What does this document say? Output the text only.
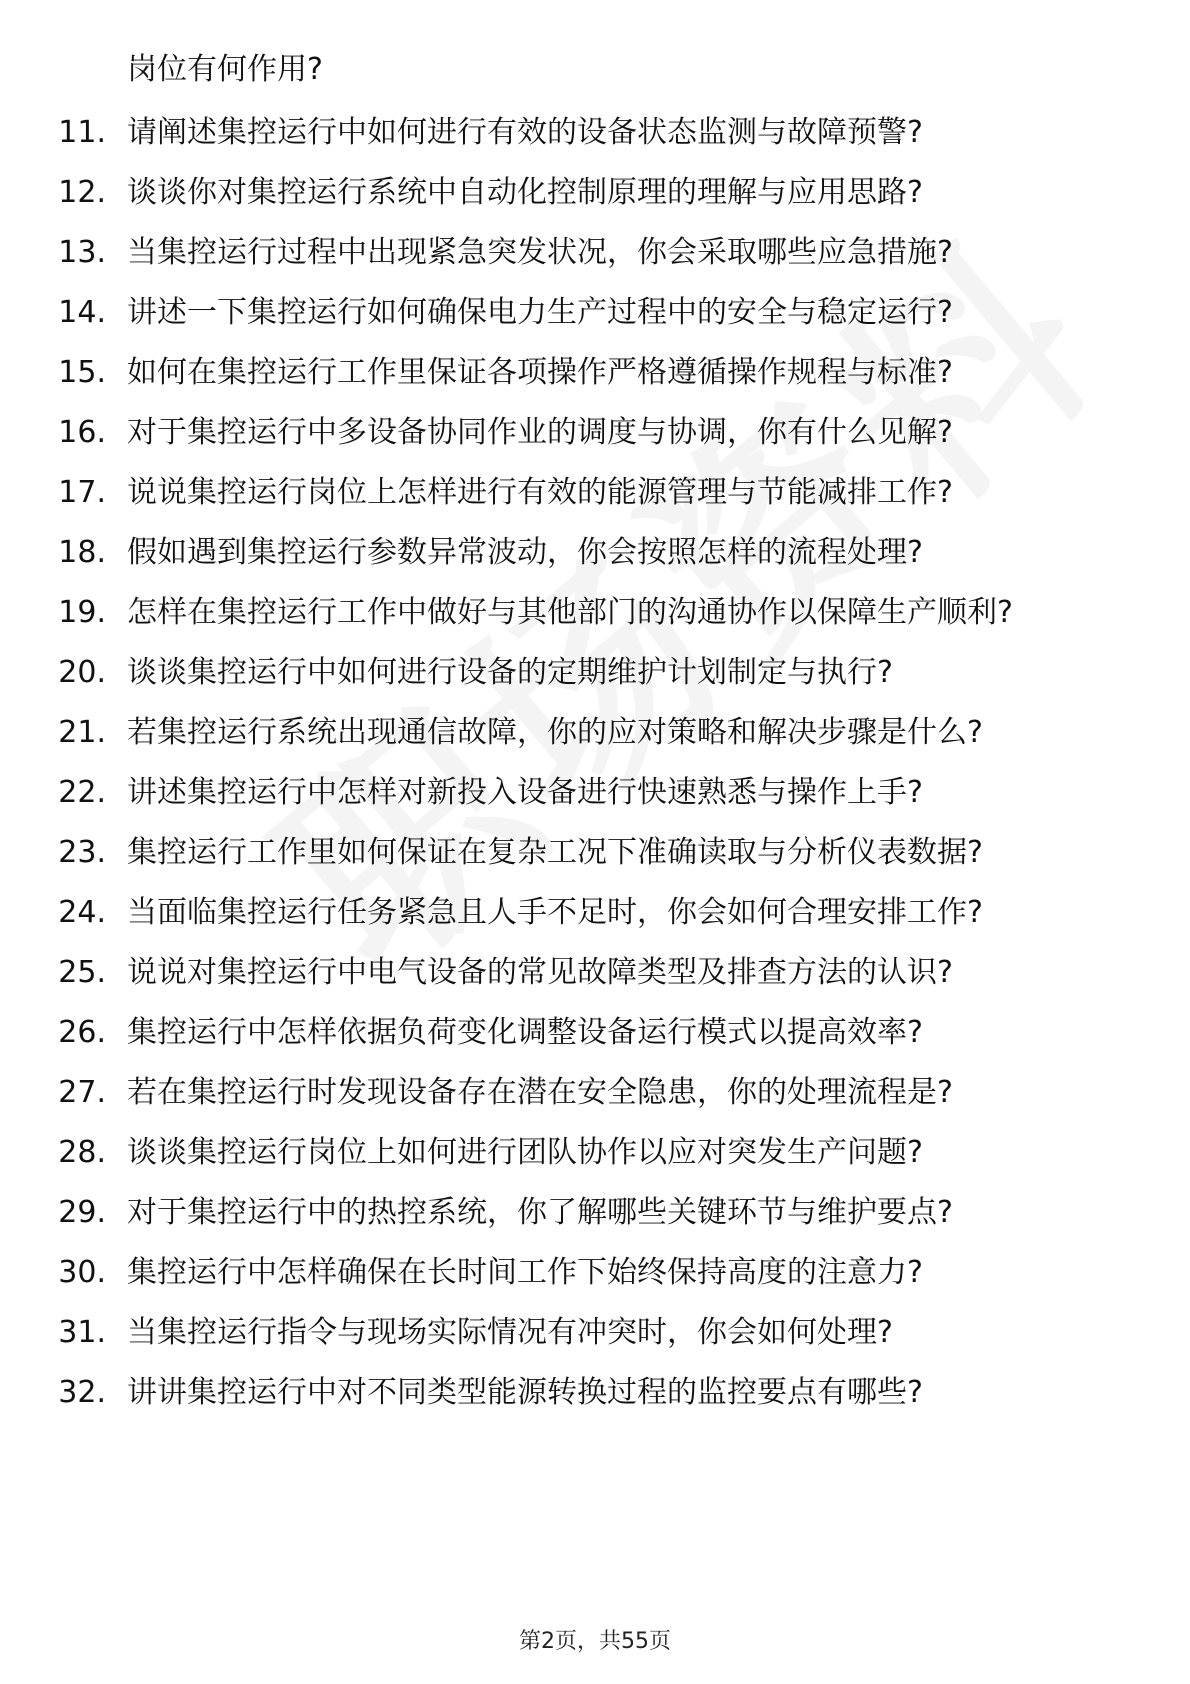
岗位有何作用?
11. 请阐述集控运行中如何进行有效的设备状态监测与故障预警?
12. 谈谈你对集控运行系统中自动化控制原理的理解与应用思路?
13. 当集控运行过程中出现紧急突发状况，你会采取哪些应急措施?
14. 讲述一下集控运行如何确保电力生产过程中的安全与稳定运行?
15. 如何在集控运行工作里保证各项操作严格遵循操作规程与标准?
16. 对于集控运行中多设备协同作业的调度与协调，你有什么见解?
17. 说说集控运行岗位上怎样进行有效的能源管理与节能减排工作?
18. 假如遇到集控运行参数异常波动，你会按照怎样的流程处理?
19. 怎样在集控运行工作中做好与其他部门的沟通协作以保障生产顺利?
20. 谈谈集控运行中如何进行设备的定期维护计划制定与执行?
21. 若集控运行系统出现通信故障，你的应对策略和解决步骤是什么?
22. 讲述集控运行中怎样对新投入设备进行快速熟悉与操作上手?
23. 集控运行工作里如何保证在复杂工况下准确读取与分析仪表数据?
24. 当面临集控运行任务紧急且人手不足时，你会如何合理安排工作?
25. 说说对集控运行中电气设备的常见故障类型及排查方法的认识?
26. 集控运行中怎样依据负荷变化调整设备运行模式以提高效率?
27. 若在集控运行时发现设备存在潜在安全隐患，你的处理流程是?
28. 谈谈集控运行岗位上如何进行团队协作以应对突发生产问题?
29. 对于集控运行中的热控系统，你了解哪些关键环节与维护要点?
30. 集控运行中怎样确保在长时间工作下始终保持高度的注意力?
31. 当集控运行指令与现场实际情况有冲突时，你会如何处理?
32. 讲讲集控运行中对不同类型能源转换过程的监控要点有哪些?
第2页，共55页
